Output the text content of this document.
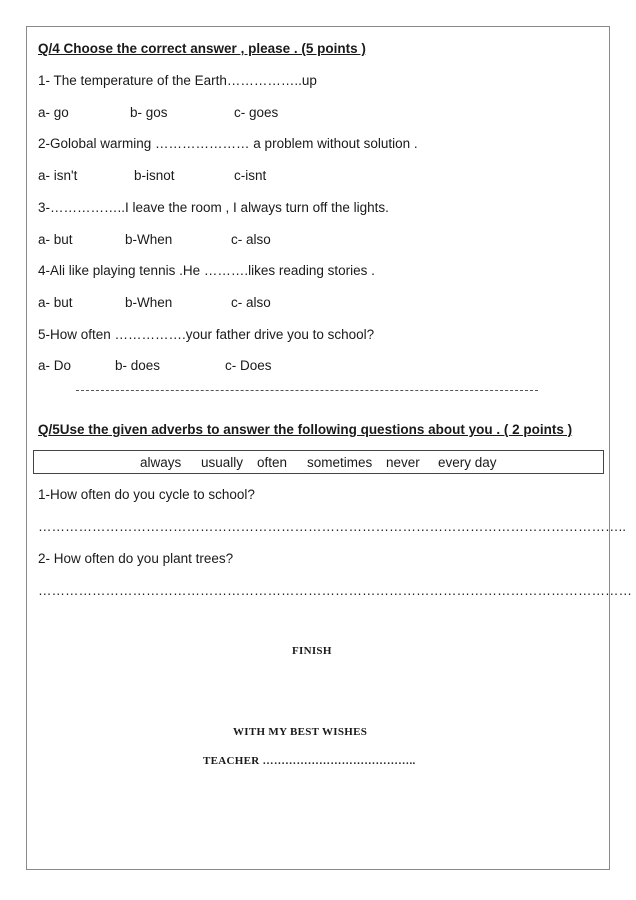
Q/4 Choose the correct answer , please . (5 points )
1- The temperature of the Earth……………..up
a- go	b- gos	c- goes
2-Golobal warming ………………… a problem without solution .
a- isn't	b-isnot	c-isnt
3-……………..I leave the room , I always turn off the lights.
a- but	b-When	c- also
4-Ali like playing tennis .He ……….likes reading stories .
a- but	b-When	c- also
5-How often …………….your father drive you to school?
a- Do	b- does	c- Does
Q/5Use the given adverbs to answer the following questions about you . ( 2 points )
always usually often sometimes never every day
1-How often do you cycle to school?
…………………………………………………………………………………………………………………..
2- How often do you plant trees?
……………………………………………………………………………………………………………………
FINISH
WITH MY BEST WISHES
TEACHER …………………………………..
